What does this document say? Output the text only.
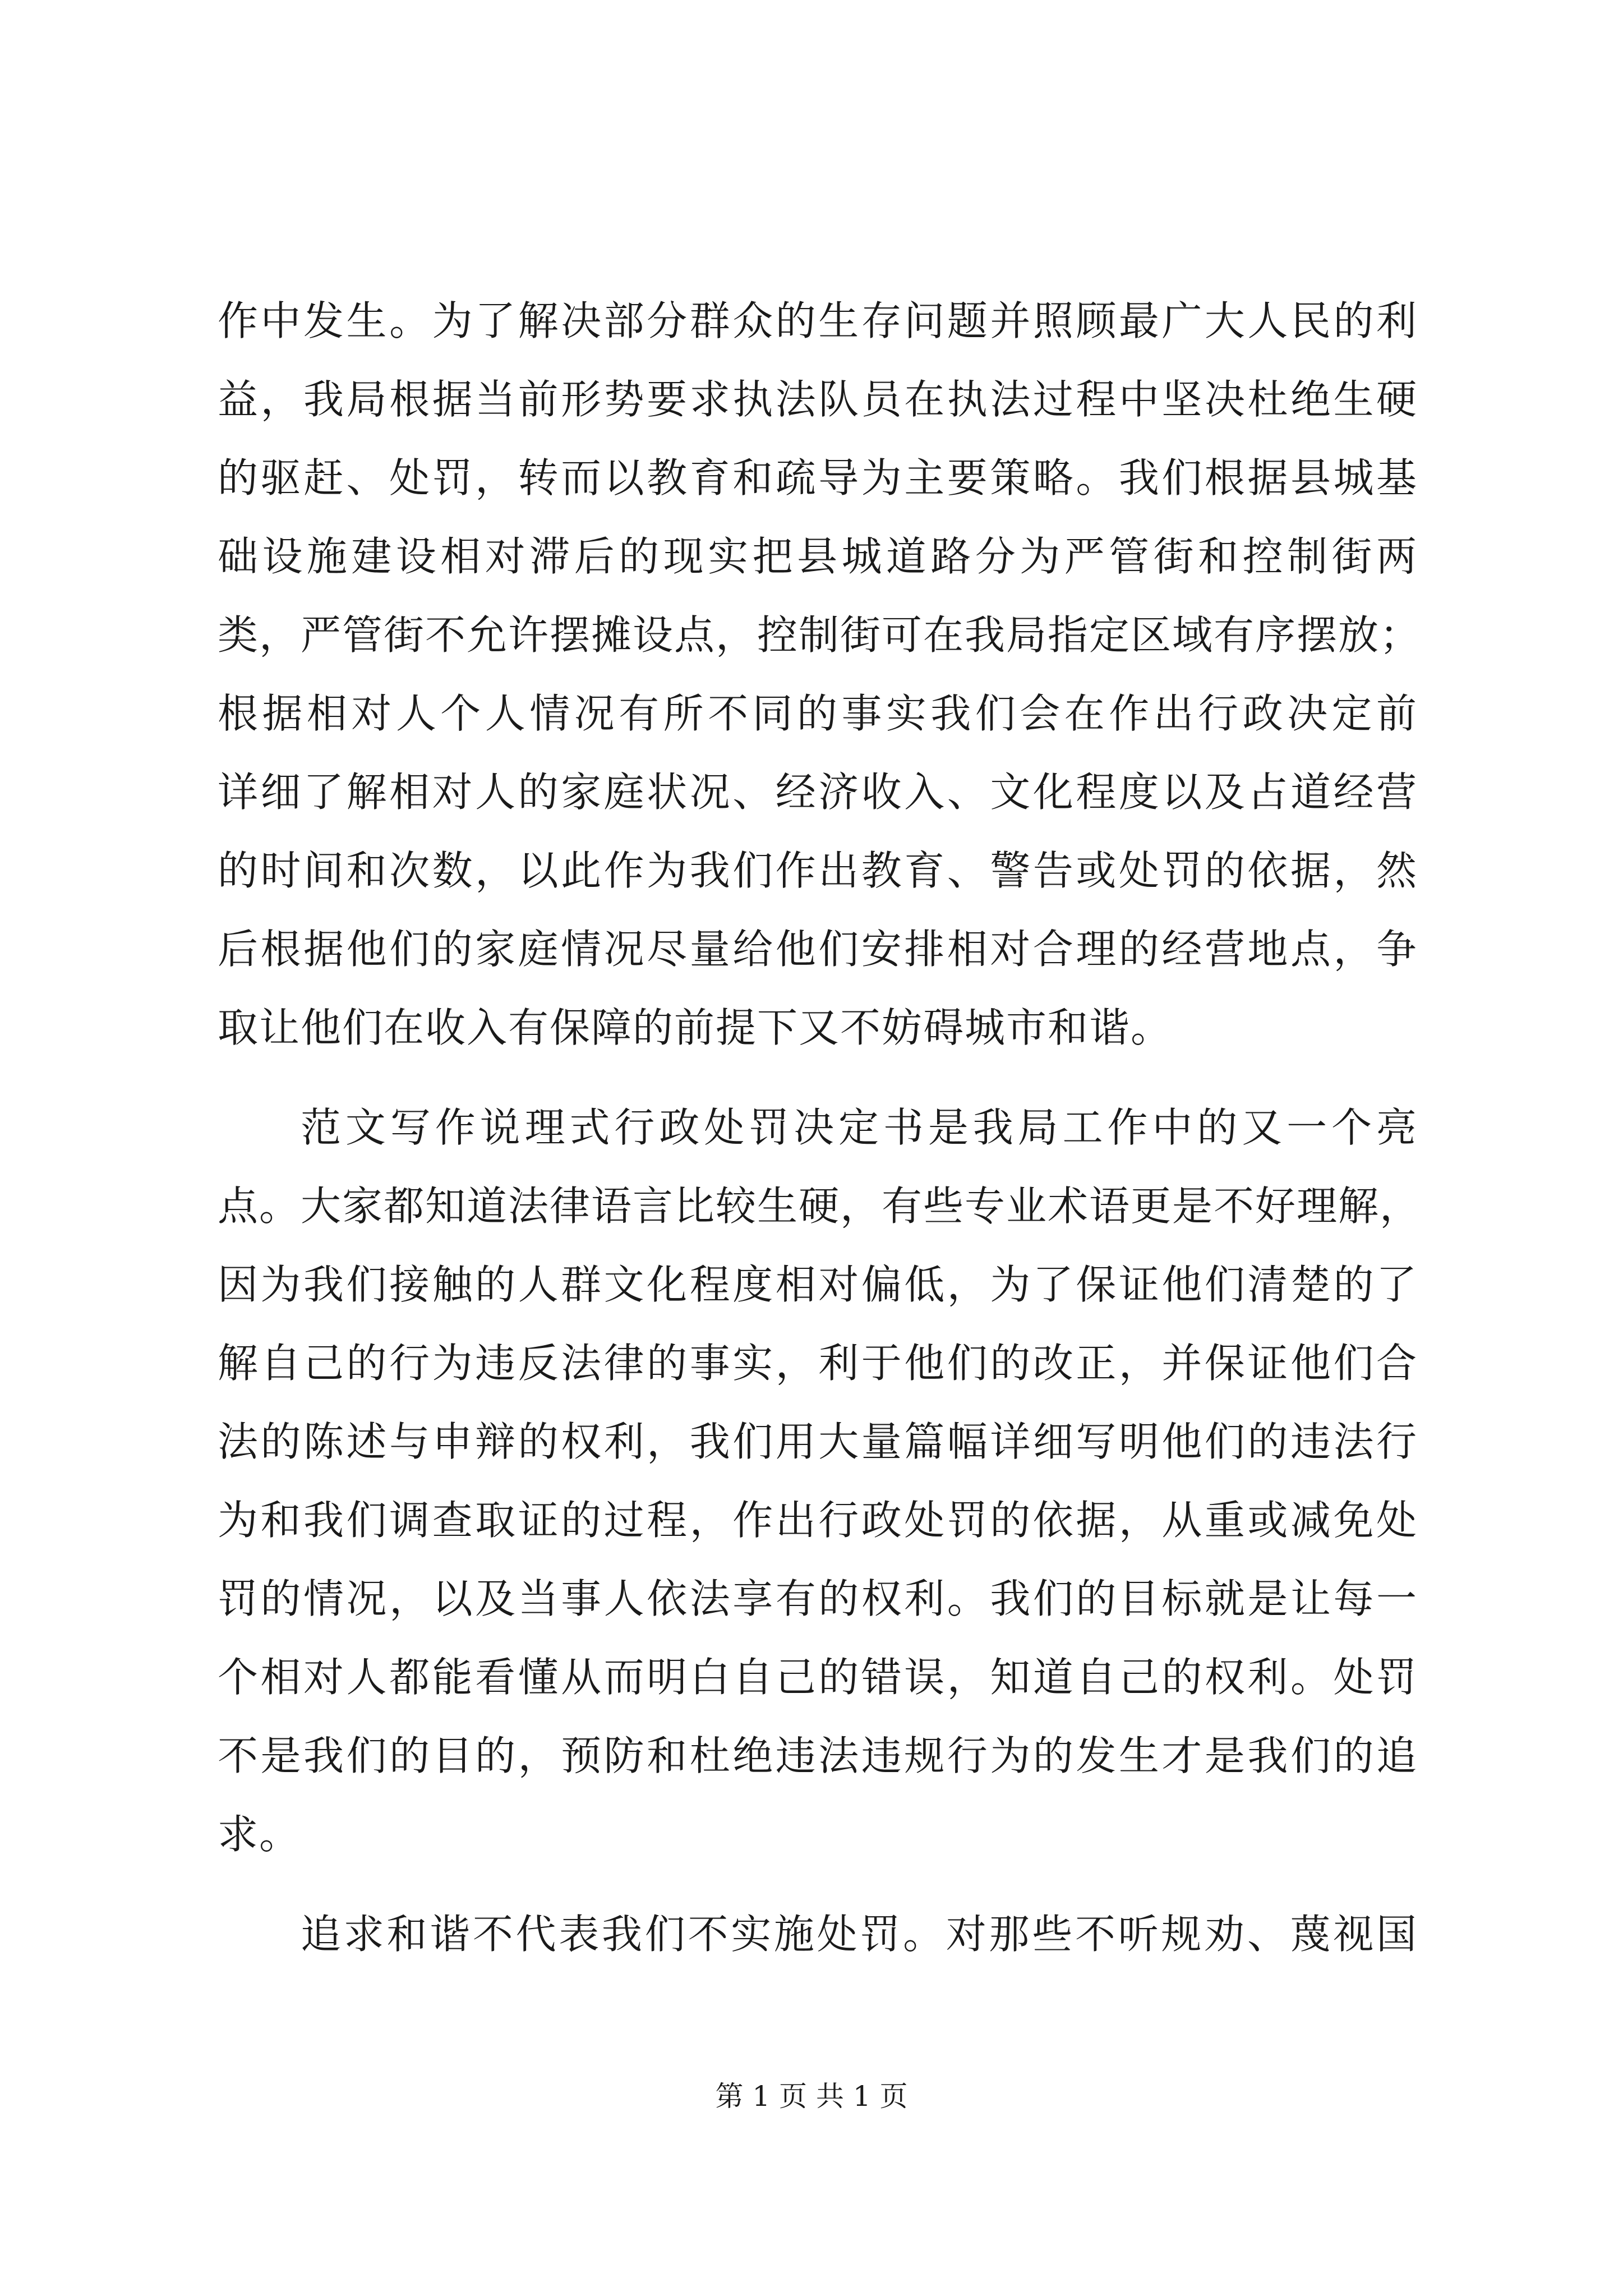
作中发生。为了解决部分群众的生存问题并照顾最广大人民的利
益，我局根据当前形势要求执法队员在执法过程中坚决杜绝生硬
的驱赶、处罚，转而以教育和疏导为主要策略。我们根据县城基
础设施建设相对滞后的现实把县城道路分为严管街和控制街两
类，严管街不允许摆摊设点，控制街可在我局指定区域有序摆放；
根据相对人个人情况有所不同的事实我们会在作出行政决定前
详细了解相对人的家庭状况、经济收入、文化程度以及占道经营
的时间和次数，以此作为我们作出教育、警告或处罚的依据，然
后根据他们的家庭情况尽量给他们安排相对合理的经营地点，争
取让他们在收入有保障的前提下又不妨碍城市和谐。
范文写作说理式行政处罚决定书是我局工作中的又一个亮
点。大家都知道法律语言比较生硬，有些专业术语更是不好理解，
因为我们接触的人群文化程度相对偏低，为了保证他们清楚的了
解自己的行为违反法律的事实，利于他们的改正，并保证他们合
法的陈述与申辩的权利，我们用大量篇幅详细写明他们的违法行
为和我们调查取证的过程，作出行政处罚的依据，从重或减免处
罚的情况，以及当事人依法享有的权利。我们的目标就是让每一
个相对人都能看懂从而明白自己的错误，知道自己的权利。处罚
不是我们的目的，预防和杜绝违法违规行为的发生才是我们的追
求。
追求和谐不代表我们不实施处罚。对那些不听规劝、蔑视国
第 1 页 共 1 页
